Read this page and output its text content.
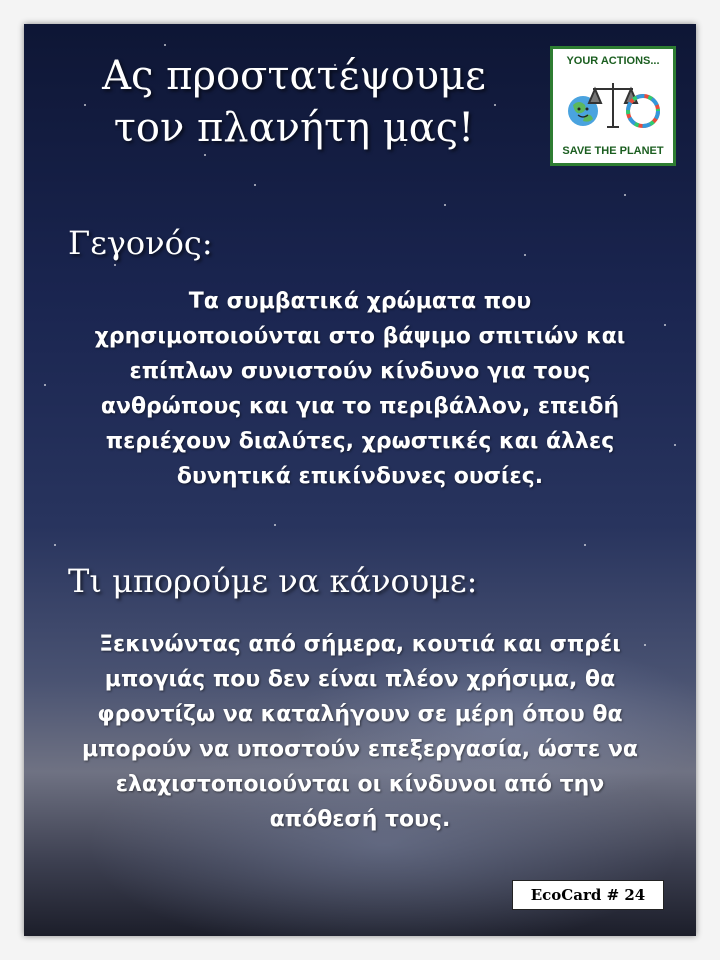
Ας προστατέψουμε
τον πλανήτη μας!
YOUR ACTIONS...
SAVE THE PLANET
Γεγονός:
Τα συμβατικά χρώματα που
χρησιμοποιούνται στο βάψιμο σπιτιών και
επίπλων συνιστούν κίνδυνο για τους
ανθρώπους και για το περιβάλλον, επειδή
περιέχουν διαλύτες, χρωστικές και άλλες
δυνητικά επικίνδυνες ουσίες.
Τι μπορούμε να κάνουμε:
Ξεκινώντας από σήμερα, κουτιά και σπρέι
μπογιάς που δεν είναι πλέον χρήσιμα, θα
φροντίζω να καταλήγουν σε μέρη όπου θα
μπορούν να υποστούν επεξεργασία, ώστε να
ελαχιστοποιούνται οι κίνδυνοι από την
απόθεσή τους.
EcoCard # 24
